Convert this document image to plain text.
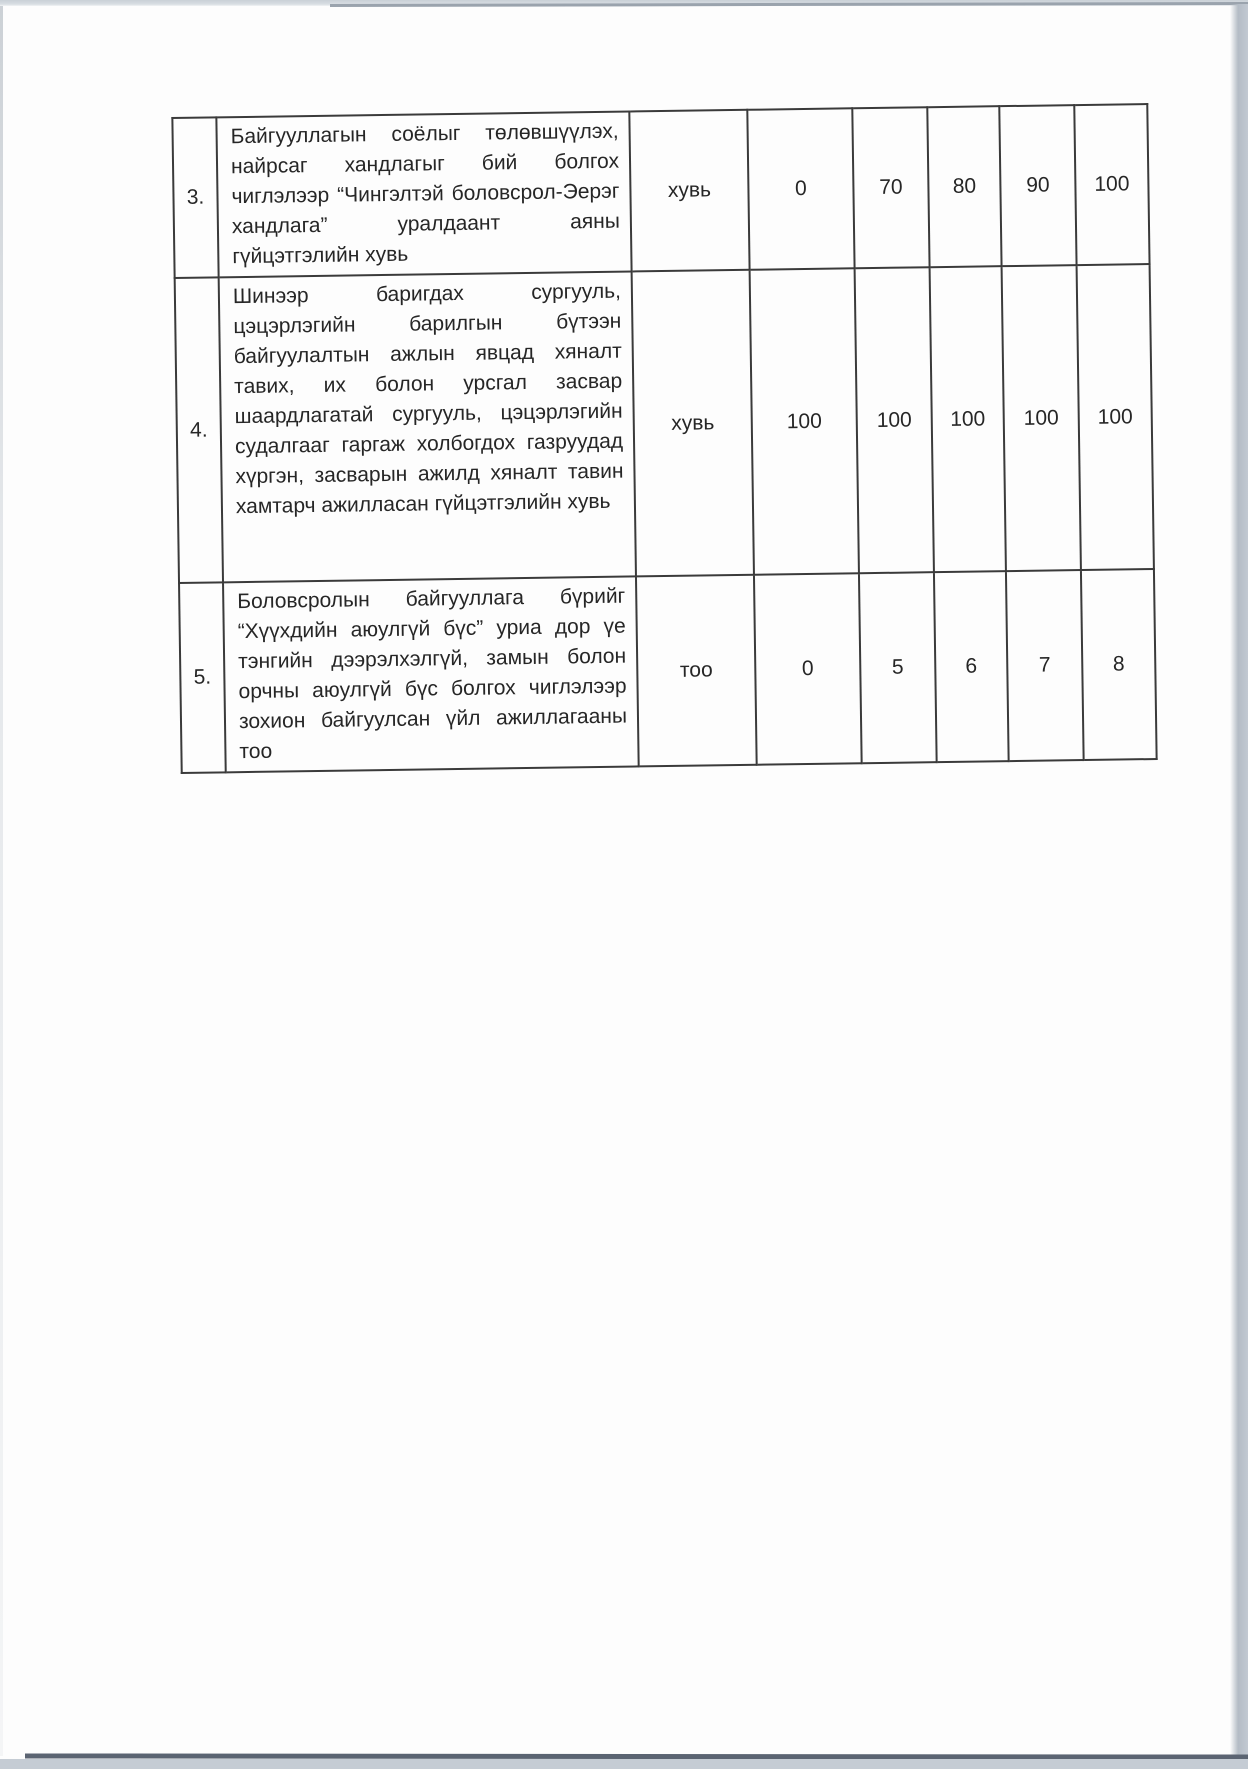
3.	Байгууллагын соёлыг төлөвшүүлэх, найрсаг хандлагыг бий болгох чиглэлээр “Чингэлтэй боловсрол-Эерэг хандлага” уралдаант аяны гүйцэтгэлийн хувь	хувь	0	70	80	90	100
4.	Шинээр баригдах сургууль, цэцэрлэгийн барилгын бүтээн байгуулалтын ажлын явцад хяналт тавих, их болон урсгал засвар шаардлагатай сургууль, цэцэрлэгийн судалгааг гаргаж холбогдох газруудад хүргэн, засварын ажилд хяналт тавин хамтарч ажилласан гүйцэтгэлийн хувь	хувь	100	100	100	100	100
5.	Боловсролын байгууллага бүрийг “Хүүхдийн аюулгүй бүс” уриа дор үе тэнгийн дээрэлхэлгүй, замын болон орчны аюулгүй бүс болгох чиглэлээр зохион байгуулсан үйл ажиллагааны тоо	тоо	0	5	6	7	8
